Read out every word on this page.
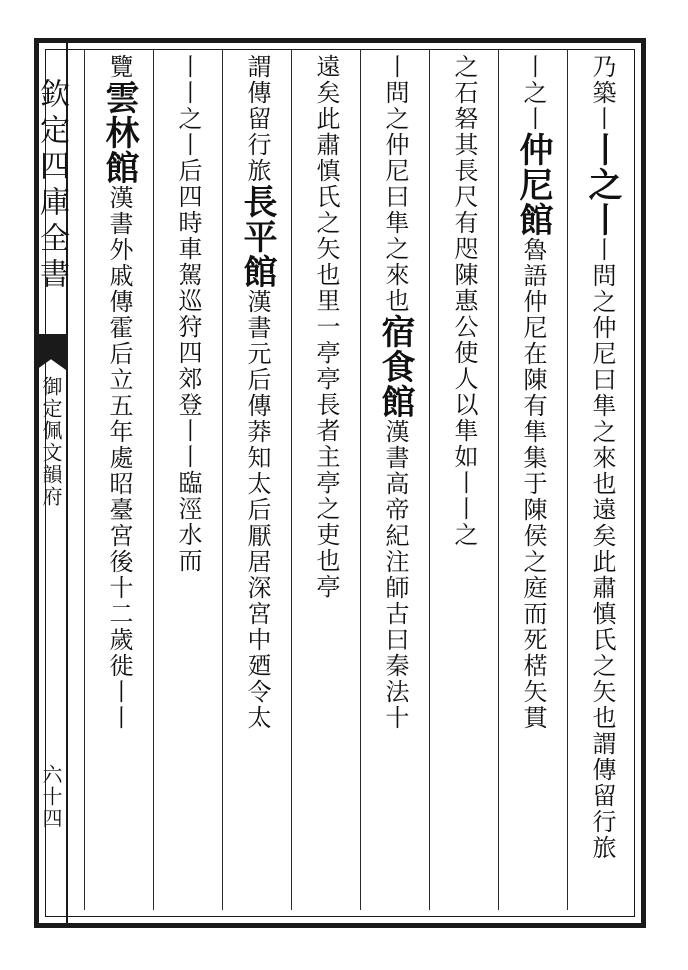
欽定四庫全書
御定佩文韻府
六十四
乃築丨丨之丨丨問之仲尼曰隼之來也遠矣此肅慎氏之矢也謂傳留行旅
丨之丨仲尼館魯語仲尼在陳有隼集于陳侯之庭而死楛矢貫
之石砮其長尺有咫陳惠公使人以隼如丨丨之
丨問之仲尼曰隼之來也宿食館漢書高帝紀注師古曰秦法十
遠矣此肅慎氏之矢也里一亭亭長者主亭之吏也亭
謂傳留行旅長平館漢書元后傳莽知太后厭居深宮中廼令太
丨丨之丨后四時車駕巡狩四郊登丨丨臨涇水而
覽雲林館漢書外戚傳霍后立五年處昭臺宮後十二歲徙丨丨
